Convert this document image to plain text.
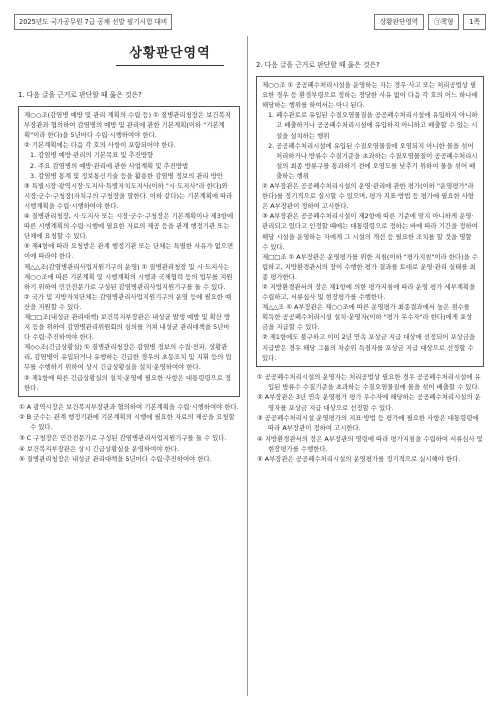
2025년도 국가공무원 7급 공채 선발 필기시험 대비	상황판단영역	㉠책형	1쪽
상황판단영역
1. 다음 글을 근거로 판단할 때 옳은 것은?

제○○조(감염병 예방 및 관리 계획의 수립 등) ① 질병관리청장은 보건복지부장관과 협의하여 감염병의 예방 및 관리에 관한 기본계획(이하 "기본계획"이라 한다)을 5년마다 수립·시행하여야 한다.

② 기본계획에는 다음 각 호의 사항이 포함되어야 한다.

1. 감염병 예방·관리의 기본목표 및 추진방향

2. 주요 감염병의 예방·관리에 관한 사업계획 및 추진방법

3. 감염병 통계 및 정보통신기술 등을 활용한 감염병 정보의 관리 방안

③ 특별시장·광역시장·도지사·특별자치도지사(이하 "시·도지사"라 한다)와 시장·군수·구청장(자치구의 구청장을 말한다. 이하 같다)는 기본계획에 따라 시행계획을 수립·시행하여야 한다.

④ 질병관리청장, 시·도지사 또는 시장·군수·구청장은 기본계획이나 제3항에 따른 시행계획의 수립·시행에 필요한 자료의 제공 등을 관계 행정기관 또는 단체에 요청할 수 있다.

⑤ 제4항에 따라 요청받은 관계 행정기관 또는 단체는 특별한 사유가 없으면 이에 따라야 한다.

제△△조(감염병관리사업지원기구의 운영) ① 질병관리청장 및 시·도지사는 제○○조에 따른 기본계획 및 시행계획의 시행과 국제협력 등의 업무를 지원하기 위하여 민간전문가로 구성된 감염병관리사업지원기구를 둘 수 있다.

② 국가 및 지방자치단체는 감염병관리사업지원기구의 운영 등에 필요한 예산을 지원할 수 있다.

제□□조(내성균 관리대책) 보건복지부장관은 내성균 발생 예방 및 확산 방지 등을 위하여 감염병관리위원회의 심의를 거쳐 내성균 관리대책을 5년마다 수립·추진하여야 한다.

제◇◇조(긴급상황실) ① 질병관리청장은 감염병 정보의 수집·전파, 상황관리, 감염병이 유입되거나 유행하는 긴급한 경우의 초동조치 및 지휘 등의 업무를 수행하기 위하여 상시 긴급상황실을 설치·운영하여야 한다.

② 제1항에 따른 긴급상황실의 설치·운영에 필요한 사항은 대통령령으로 정한다.

① A 광역시장은 보건복지부장관과 협의하여 기본계획을 수립·시행하여야 한다.

② B 군수는 관계 행정기관에 기본계획의 시행에 필요한 자료의 제공을 요청할 수 있다.

③ C 구청장은 민간전문가로 구성된 감염병관리사업지원기구를 둘 수 있다.

④ 보건복지부장관은 상시 긴급상황실을 운영하여야 한다.

⑤ 질병관리청장은 내성균 관리대책을 5년마다 수립·추진하여야 한다.

2. 다음 글을 근거로 판단할 때 옳은 것은?

제○○조 ① 공공폐수처리시설을 운영하는 자는 경우·사고 또는 처리공법상 필요한 경우 등 환경부령으로 정하는 정당한 사유 없이 다음 각 호의 어느 하나에 해당하는 행위를 하여서는 아니 된다.

1. 폐수관로로 유입된 수질오염물질을 공공폐수처리시설에 유입하지 아니하고 배출하거나 공공폐수처리시설에 유입하지 아니하고 배출할 수 있는 시설을 설치하는 행위

2. 공공폐수처리시설에 유입된 수질오염물질에 오염되지 아니한 물을 섞어 처리하거나 방류수 수질기준을 초과하는 수질오염물질이 공공폐수처리시설의 최종 방류구를 통과하기 전에 오염도를 낮추기 위하여 물을 섞어 배출하는 행위

② A부장관은 공공폐수처리시설의 운영·관리에 관한 평가(이하 "운영평가"라 한다)를 정기적으로 실시할 수 있으며, 평가 지표·방법 등 평가에 필요한 사항은 A부장관이 정하여 고시한다.

③ A부장관은 공공폐수처리시설이 제2항에 따른 기준에 맞지 아니하게 운영·관리되고 있다고 인정할 때에는 대통령령으로 정하는 바에 따라 기간을 정하여 해당 시설을 운영하는 자에게 그 시설의 개선 등 필요한 조치를 할 것을 명할 수 있다.

제□□조 ① A부장관은 운영평가를 위한 지침(이하 "평가지침"이라 한다)을 수립하고, 지방환경관서의 장이 수행한 평가 결과를 토대로 운영·관리 실태를 최종 평가한다.

② 지방환경관서의 장은 제1항에 의한 평가지침에 따라 운영 평가 세부계획을 수립하고, 서류심사 및 현장평가를 수행한다.

제△△조 ① A부장관은 제○○조에 따른 운영평가 최종결과에서 높은 점수를 획득한 공공폐수처리시설 설치·운영자(이하 "평가 우수자"라 한다)에게 포상금을 지급할 수 있다.

② 제1항에도 불구하고 이미 2년 연속 포상금 지급 대상에 선정되어 포상금을 지급받은 경우 해당 그룹의 차순위 득점자를 포상금 지급 대상으로 선정할 수 있다.

① 공공폐수처리시설의 운영자는 처리공법상 필요한 경우 공공폐수처리시설에 유입된 방류수 수질기준을 초과하는 수질오염물질에 물을 섞어 배출할 수 있다.

② A부장관은 3년 연속 운영평가 평가 우수자에 해당하는 공공폐수처리시설의 운영자를 포상금 지급 대상으로 선정할 수 있다.

③ 공공폐수처리시설 운영평가의 지표·방법 등 평가에 필요한 사항은 대통령령에 따라 A부장관이 정하여 고시한다.

④ 지방환경관서의 장은 A부장관의 명령에 따라 평가지침을 수립하여 서류심사 및 현장평가를 수행한다.

⑤ A부장관은 공공폐수처리시설의 운영평가를 정기적으로 실시해야 한다.
